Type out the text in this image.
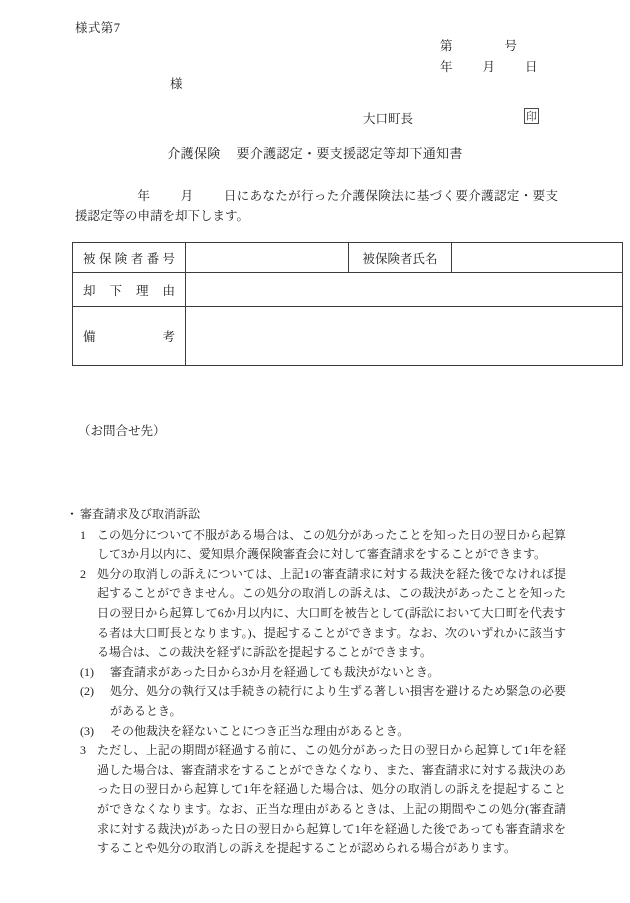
様式第7
第	号
年 月 日
様
大口町長	印
介護保険 要介護認定・要支援認定等却下通知書
年 月 日にあなたが行った介護保険法に基づく要介護認定・要支援認定等の申請を却下します。
被保険者番号		被保険者氏名	
却下理由			
備考			
（お問合せ先）
・ 審査請求及び取消訴訟
1 この処分について不服がある場合は、この処分があったことを知った日の翌日から起算して3か月以内に、愛知県介護保険審査会に対して審査請求をすることができます。
2 処分の取消しの訴えについては、上記1の審査請求に対する裁決を経た後でなければ提起することができません。この処分の取消しの訴えは、この裁決があったことを知った日の翌日から起算して6か月以内に、大口町を被告として(訴訟において大口町を代表する者は大口町長となります。)、提起することができます。なお、次のいずれかに該当する場合は、この裁決を経ずに訴訟を提起することができます。
(1) 審査請求があった日から3か月を経過しても裁決がないとき。
(2) 処分、処分の執行又は手続きの続行により生ずる著しい損害を避けるため緊急の必要があるとき。
(3) その他裁決を経ないことにつき正当な理由があるとき。
3 ただし、上記の期間が経過する前に、この処分があった日の翌日から起算して1年を経過した場合は、審査請求をすることができなくなり、また、審査請求に対する裁決のあった日の翌日から起算して1年を経過した場合は、処分の取消しの訴えを提起することができなくなります。なお、正当な理由があるときは、上記の期間やこの処分(審査請求に対する裁決)があった日の翌日から起算して1年を経過した後であっても審査請求をすることや処分の取消しの訴えを提起することが認められる場合があります。
